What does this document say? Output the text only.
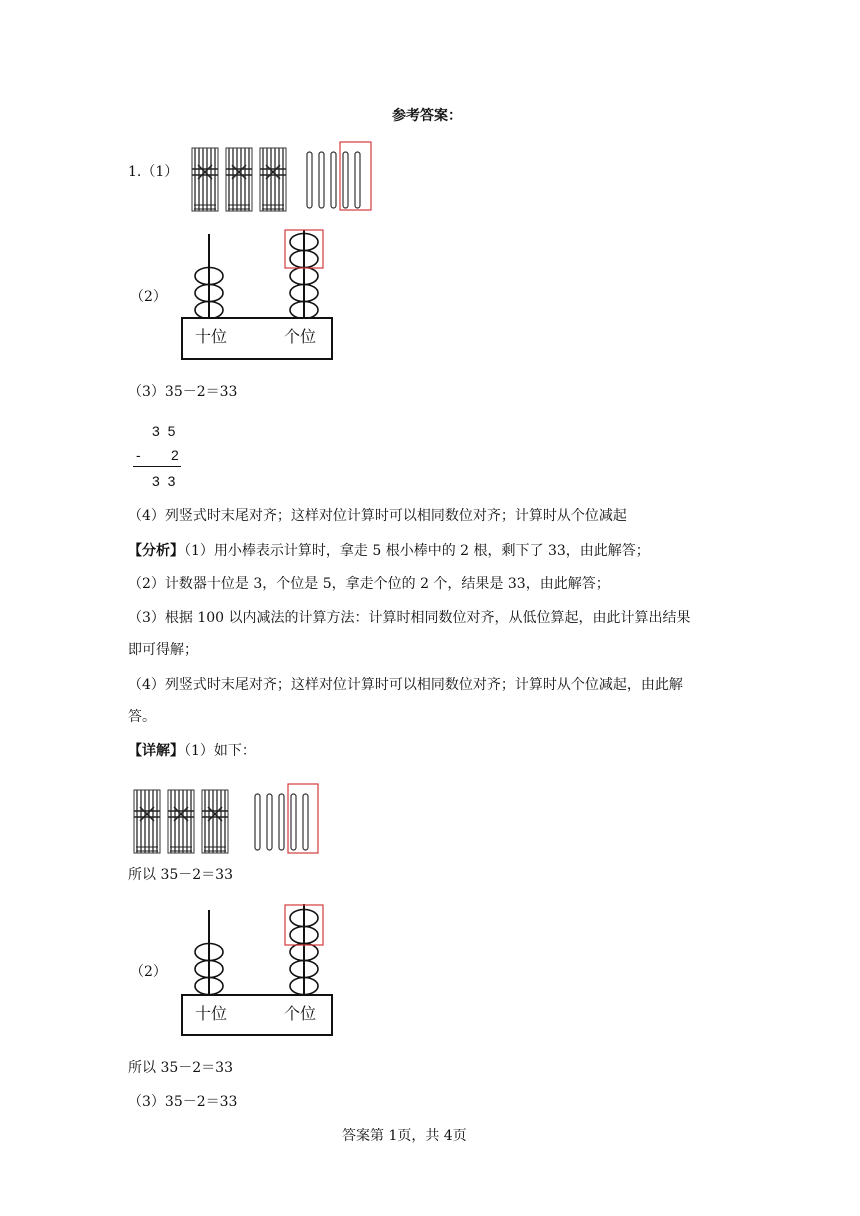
参考答案：
1.（1）
（2）
十位	个位
（3）35－2＝33
3 5
- 2
3 3
（4）列竖式时末尾对齐；这样对位计算时可以相同数位对齐；计算时从个位减起
【分析】（1）用小棒表示计算时，拿走 5 根小棒中的 2 根，剩下了 33，由此解答；
（2）计数器十位是 3，个位是 5，拿走个位的 2 个，结果是 33，由此解答；
（3）根据 100 以内减法的计算方法：计算时相同数位对齐，从低位算起，由此计算出结果
即可得解；
（4）列竖式时末尾对齐；这样对位计算时可以相同数位对齐；计算时从个位减起，由此解
答。
【详解】（1）如下：
所以 35－2＝33
（2）
十位	个位
所以 35－2＝33
（3）35－2＝33
答案第 1页，共 4页
